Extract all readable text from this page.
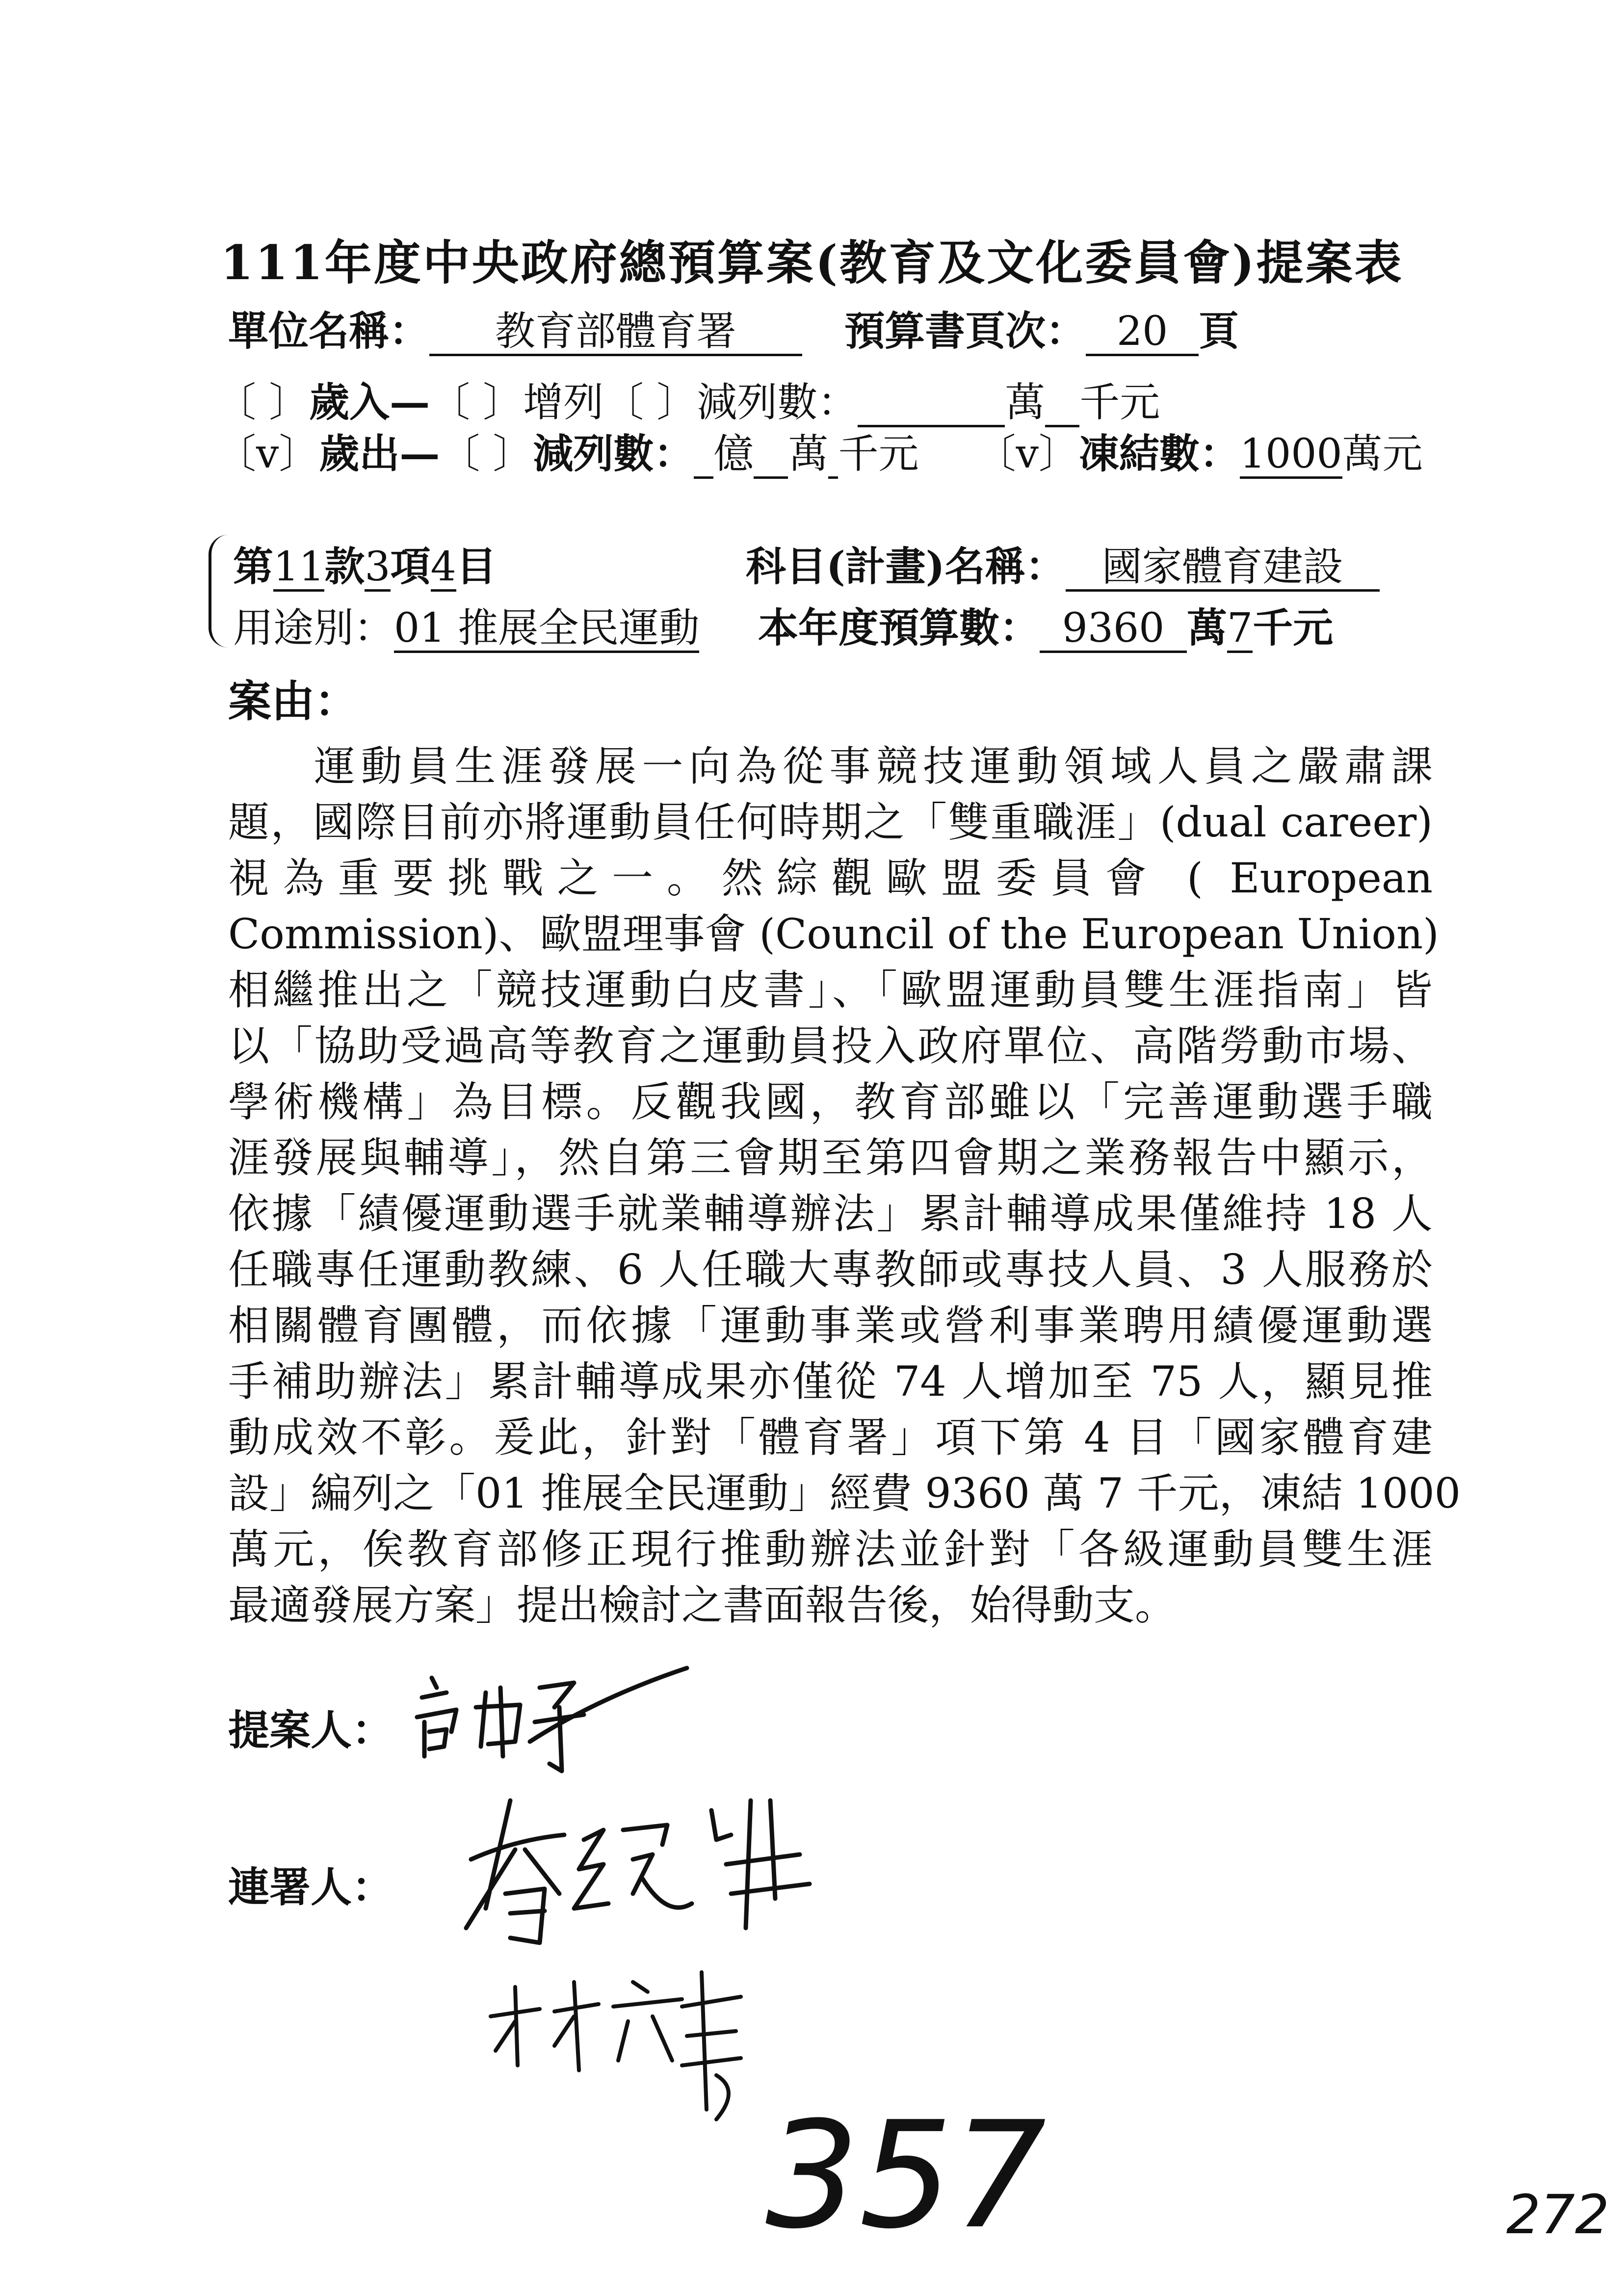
111年度中央政府總預算案(教育及文化委員會)提案表
單位名稱： 教育部體育署	預算書頁次： 20 頁
〔 〕歲入—〔 〕增列〔 〕減列數：	萬 千元
〔v〕歲出—〔 〕減列數： 億 萬 千元 〔v〕凍結數：1000萬元
第11款3項4目	科目(計畫)名稱： 國家體育建設
用途別：01 推展全民運動 本年度預算數： 9360 萬7千元
案由：
運動員生涯發展一向為從事競技運動領域人員之嚴肅課
題，國際目前亦將運動員任何時期之「雙重職涯」(dual career)
視為重要挑戰之一。然綜觀歐盟委員會 ( European
Commission)、歐盟理事會 (Council of the European Union)
相繼推出之「競技運動白皮書」、「歐盟運動員雙生涯指南」皆
以「協助受過高等教育之運動員投入政府單位、高階勞動市場、
學術機構」為目標。反觀我國，教育部雖以「完善運動選手職
涯發展與輔導」，然自第三會期至第四會期之業務報告中顯示，
依據「績優運動選手就業輔導辦法」累計輔導成果僅維持 18 人
任職專任運動教練、6 人任職大專教師或專技人員、3 人服務於
相關體育團體，而依據「運動事業或營利事業聘用績優運動選
手補助辦法」累計輔導成果亦僅從 74 人增加至 75 人，顯見推
動成效不彰。爰此，針對「體育署」項下第 4 目「國家體育建
設」編列之「01 推展全民運動」經費 9360 萬 7 千元，凍結 1000
萬元，俟教育部修正現行推動辦法並針對「各級運動員雙生涯
最適發展方案」提出檢討之書面報告後，始得動支。
提案人：
連署人：
357	272
